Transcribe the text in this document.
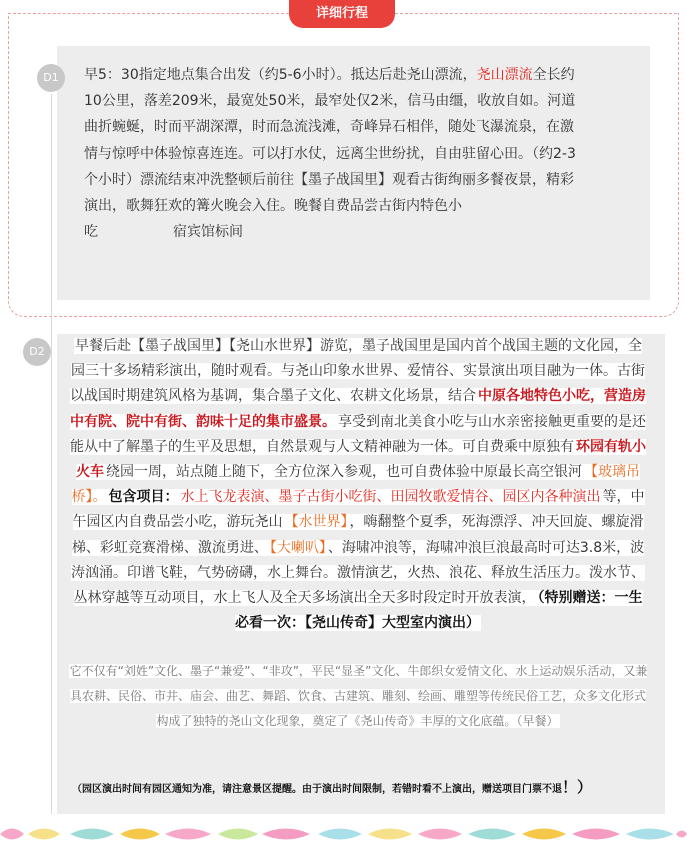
详细行程
D1	早5：30指定地点集合出发（约5-6小时）。抵达后赴尧山漂流，尧山漂流全长约10公里，落差209米，最宽处50米，最窄处仅2米，信马由缰，收放自如。河道曲折蜿蜒，时而平湖深潭，时而急流浅滩，奇峰异石相伴，随处飞瀑流泉，在激情与惊呼中体验惊喜连连。可以打水仗，远离尘世纷扰，自由驻留心田。（约2-3个小时）漂流结束冲洗整顿后前往【墨子战国里】观看古街绚丽多餐夜景，精彩演出，歌舞狂欢的篝火晚会入住。晚餐自费品尝古街内特色小
吃	宿宾馆标间
D2	早餐后赴【墨子战国里】【尧山水世界】游览，墨子战国里是国内首个战国主题的文化园，全园三十多场精彩演出，随时观看。与尧山印象水世界、爱情谷、实景演出项目融为一体。古街以战国时期建筑风格为基调，集合墨子文化、农耕文化场景，结合 中原各地特色小吃，营造房中有院、院中有街、韵味十足的集市盛景。 享受到南北美食小吃与山水亲密接触更重要的是还能从中了解墨子的生平及思想，自然景观与人文精神融为一体。可自费乘中原独有 环园有轨小火车 绕园一周，站点随上随下，全方位深入参观，也可自费体验中原最长高空银河 【玻璃吊桥】。 包含项目： 水上飞龙表演、墨子古街小吃街、田园牧歌爱情谷、园区内各种演出 等，中午园区内自费品尝小吃，游玩尧山 【水世界】 ，嗨翻整个夏季，死海漂浮、冲天回旋、螺旋滑梯、彩虹竞赛滑梯、激流勇进、 【大喇叭】 、海啸冲浪等，海啸冲浪巨浪最高时可达3.8米，波涛汹涌。印谱飞鞋，气势磅礴，水上舞台。激情演艺，火热、浪花、释放生活压力。泼水节、丛林穿越等互动项目，水上飞人及全天多场演出全天多时段定时开放表演， （特别赠送：一生必看一次：【尧山传奇】大型室内演出）
它不仅有“刘姓”文化、墨子“兼爱”、“非攻”，平民“显圣”文化、牛郎织女爱情文化、水上运动娱乐活动，又兼具农耕、民俗、市井、庙会、曲艺、舞蹈、饮食、古建筑、雕刻、绘画、雕塑等传统民俗工艺，众多文化形式构成了独特的尧山文化现象，奠定了《尧山传奇》丰厚的文化底蕴。（早餐）
（园区演出时间有园区通知为准，请注意景区提醒。由于演出时间限制，若错时看不上演出，赠送项目门票不退！）
